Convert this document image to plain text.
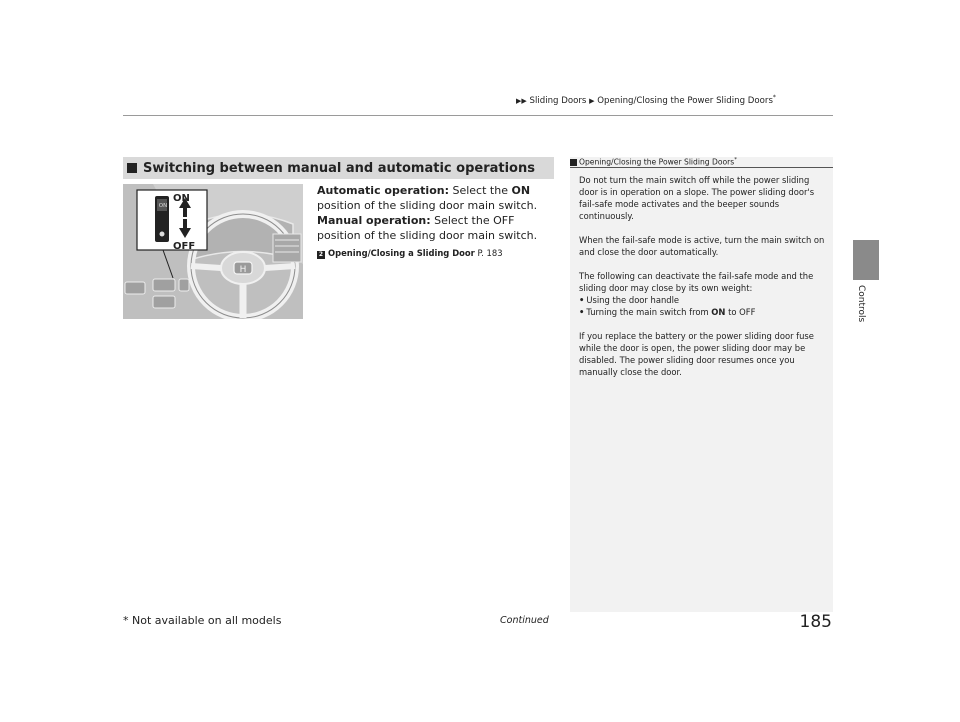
▶▶ Sliding Doors ▶ Opening/Closing the Power Sliding Doors*
Controls
Switching between manual and automatic operations
H
ON
ON
OFF

Automatic operation: Select the ON position of the sliding door main switch.

Manual operation: Select the OFF position of the sliding door main switch.

2 Opening/Closing a Sliding Door P. 183

Opening/Closing the Power Sliding Doors*

Do not turn the main switch off while the power sliding door is in operation on a slope. The power sliding door's fail-safe mode activates and the beeper sounds continuously.

When the fail-safe mode is active, turn the main switch on and close the door automatically.

The following can deactivate the fail-safe mode and the sliding door may close by its own weight:

• Using the door handle
• Turning the main switch from ON to OFF

If you replace the battery or the power sliding door fuse while the door is open, the power sliding door may be disabled. The power sliding door resumes once you manually close the door.

* Not available on all models	Continued	185
